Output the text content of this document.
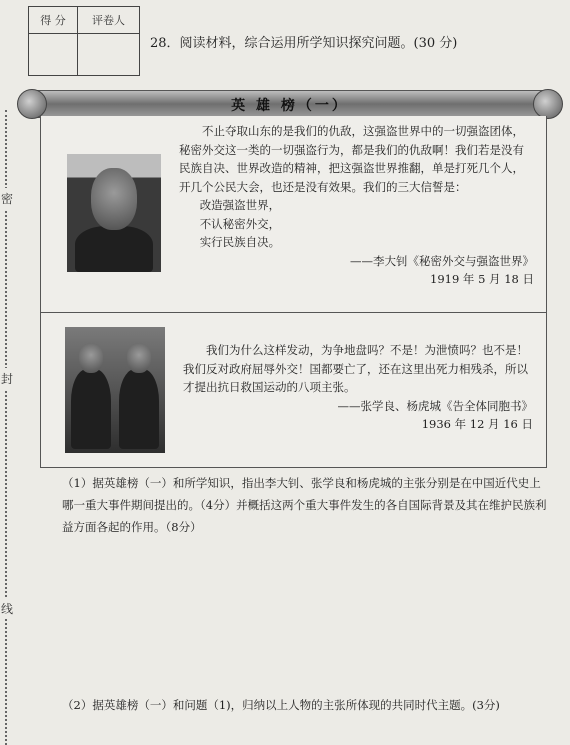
密
封
线
得 分	评卷人

28．阅读材料，综合运用所学知识探究问题。(30 分)
英 雄 榜（一）
不止夺取山东的是我们的仇敌，这强盗世界中的一切强盗团体，秘密外交这一类的一切强盗行为，都是我们的仇敌啊！我们若是没有民族自决、世界改造的精神，把这强盗世界推翻，单是打死几个人，开几个公民大会，也还是没有效果。我们的三大信誓是：
改造强盗世界，
不认秘密外交，
实行民族自决。
——李大钊《秘密外交与强盗世界》
1919 年 5 月 18 日
我们为什么这样发动，为争地盘吗？不是！为泄愤吗？也不是！我们反对政府屈辱外交！国都要亡了，还在这里出死力相残杀，所以才提出抗日救国运动的八项主张。
——张学良、杨虎城《告全体同胞书》
1936 年 12 月 16 日
（1）据英雄榜（一）和所学知识，指出李大钊、张学良和杨虎城的主张分别是在中国近代史上哪一重大事件期间提出的。（4分）并概括这两个重大事件发生的各自国际背景及其在维护民族利益方面各起的作用。（8分）
（2）据英雄榜（一）和问题（1)，归纳以上人物的主张所体现的共同时代主题。(3分)
